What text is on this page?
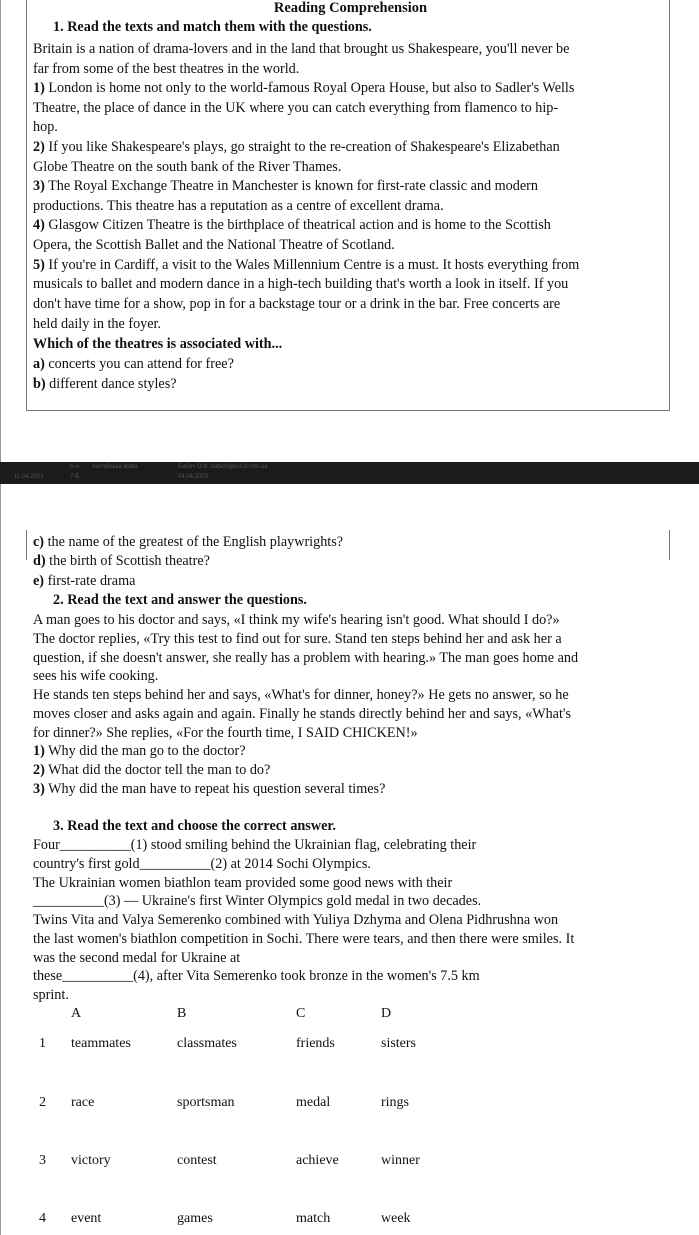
Reading Comprehension
1. Read the texts and match them with the questions.
Britain is a nation of drama-lovers and in the land that brought us Shakespeare, you'll never be
far from some of the best theatres in the world.
1) London is home not only to the world-famous Royal Opera House, but also to Sadler's Wells
Theatre, the place of dance in the UK where you can catch everything from flamenco to hip-
hop.
2) If you like Shakespeare's plays, go straight to the re-creation of Shakespeare's Elizabethan
Globe Theatre on the south bank of the River Thames.
3) The Royal Exchange Theatre in Manchester is known for first-rate classic and modern
productions. This theatre has a reputation as a centre of excellent drama.
4) Glasgow Citizen Theatre is the birthplace of theatrical action and is home to the Scottish
Opera, the Scottish Ballet and the National Theatre of Scotland.
5) If you're in Cardiff, a visit to the Wales Millennium Centre is a must. It hosts everything from
musicals to ballet and modern dance in a high-tech building that's worth a look in itself. If you
don't have time for a show, pop in for a backstage tour or a drink in the bar. Free concerts are
held daily in the foyer.
Which of the theatres is associated with...
a) concerts you can attend for free?
b) different dance styles?
11.04.2023
6-А
7-Б
Англійська мова	Бабич О.В. babich@ed-20.mk.ua
04.04.2023
c) the name of the greatest of the English playwrights?
d) the birth of Scottish theatre?
e) first-rate drama
2. Read the text and answer the questions.
A man goes to his doctor and says, «I think my wife's hearing isn't good. What should I do?»
The doctor replies, «Try this test to find out for sure. Stand ten steps behind her and ask her a
question, if she doesn't answer, she really has a problem with hearing.» The man goes home and
sees his wife cooking.
He stands ten steps behind her and says, «What's for dinner, honey?» He gets no answer, so he
moves closer and asks again and again. Finally he stands directly behind her and says, «What's
for dinner?» She replies, «For the fourth time, I SAID CHICKEN!»
1) Why did the man go to the doctor?
2) What did the doctor tell the man to do?
3) Why did the man have to repeat his question several times?
3. Read the text and choose the correct answer.
Four__________(1) stood smiling behind the Ukrainian flag, celebrating their
country's first gold__________(2) at 2014 Sochi Olympics.
The Ukrainian women biathlon team provided some good news with their
__________(3) — Ukraine's first Winter Olympics gold medal in two decades.
Twins Vita and Valya Semerenko combined with Yuliya Dzhyma and Olena Pidhrushna won
the last women's biathlon competition in Sochi. There were tears, and then there were smiles. It
was the second medal for Ukraine at
these__________(4), after Vita Semerenko took bronze in the women's 7.5 km
sprint.
A	B	C	D
1 teammates	classmates	friends	sisters
2 race	sportsman	medal	rings
3 victory	contest	achieve	winner
4 event	games	match	week
